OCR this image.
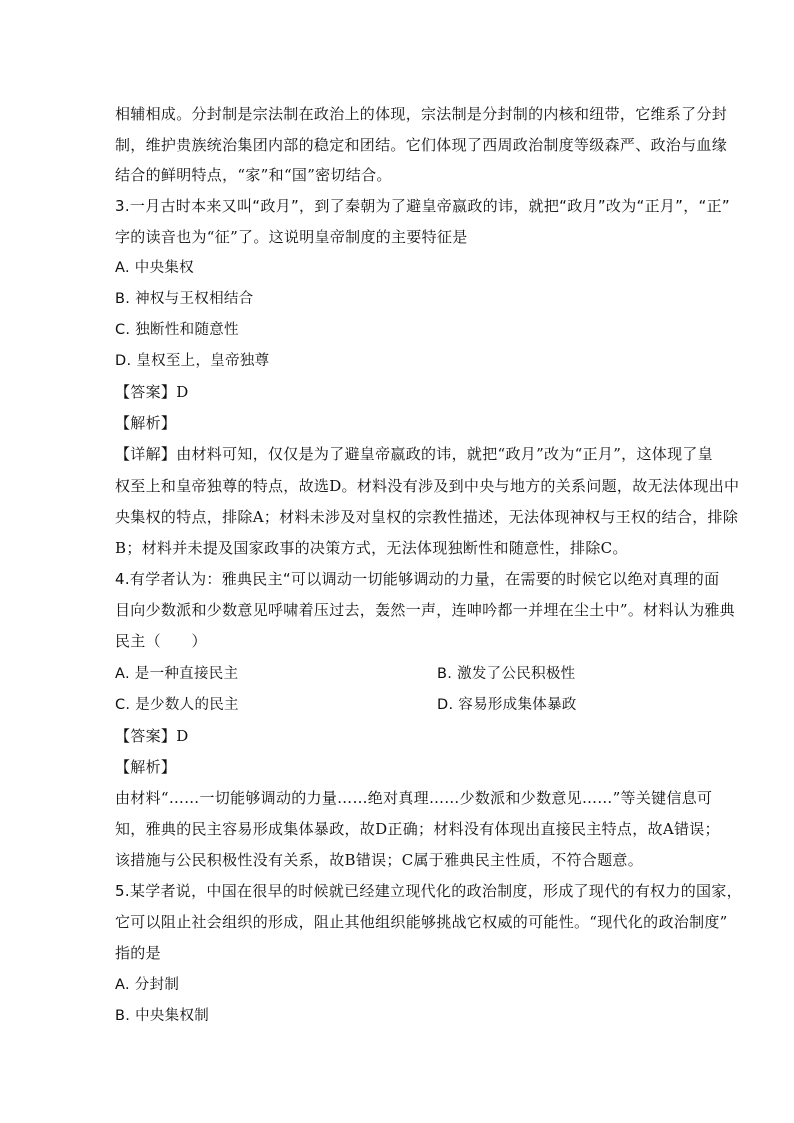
相辅相成。分封制是宗法制在政治上的体现，宗法制是分封制的内核和纽带，它维系了分封
制，维护贵族统治集团内部的稳定和团结。它们体现了西周政治制度等级森严、政治与血缘
结合的鲜明特点，“家”和“国”密切结合。
3.一月古时本来又叫“政月”，到了秦朝为了避皇帝嬴政的讳，就把“政月”改为“正月”，“正”
字的读音也为“征”了。这说明皇帝制度的主要特征是
A. 中央集权
B. 神权与王权相结合
C. 独断性和随意性
D. 皇权至上，皇帝独尊
【答案】D
【解析】
【详解】由材料可知，仅仅是为了避皇帝嬴政的讳，就把“政月”改为“正月”，这体现了皇
权至上和皇帝独尊的特点，故选D。材料没有涉及到中央与地方的关系问题，故无法体现出中
央集权的特点，排除A；材料未涉及对皇权的宗教性描述，无法体现神权与王权的结合，排除
B；材料并未提及国家政事的决策方式，无法体现独断性和随意性，排除C。
4.有学者认为：雅典民主“可以调动一切能够调动的力量，在需要的时候它以绝对真理的面
目向少数派和少数意见呼啸着压过去，轰然一声，连呻吟都一并埋在尘土中”。材料认为雅典
民主（　　）
A. 是一种直接民主	B. 激发了公民积极性
C. 是少数人的民主	D. 容易形成集体暴政
【答案】D
【解析】
由材料“……一切能够调动的力量……绝对真理……少数派和少数意见……”等关键信息可
知，雅典的民主容易形成集体暴政，故D正确；材料没有体现出直接民主特点，故A错误；
该措施与公民积极性没有关系，故B错误；C属于雅典民主性质，不符合题意。
5.某学者说，中国在很早的时候就已经建立现代化的政治制度，形成了现代的有权力的国家，
它可以阻止社会组织的形成，阻止其他组织能够挑战它权威的可能性。“现代化的政治制度”
指的是
A. 分封制
B. 中央集权制
